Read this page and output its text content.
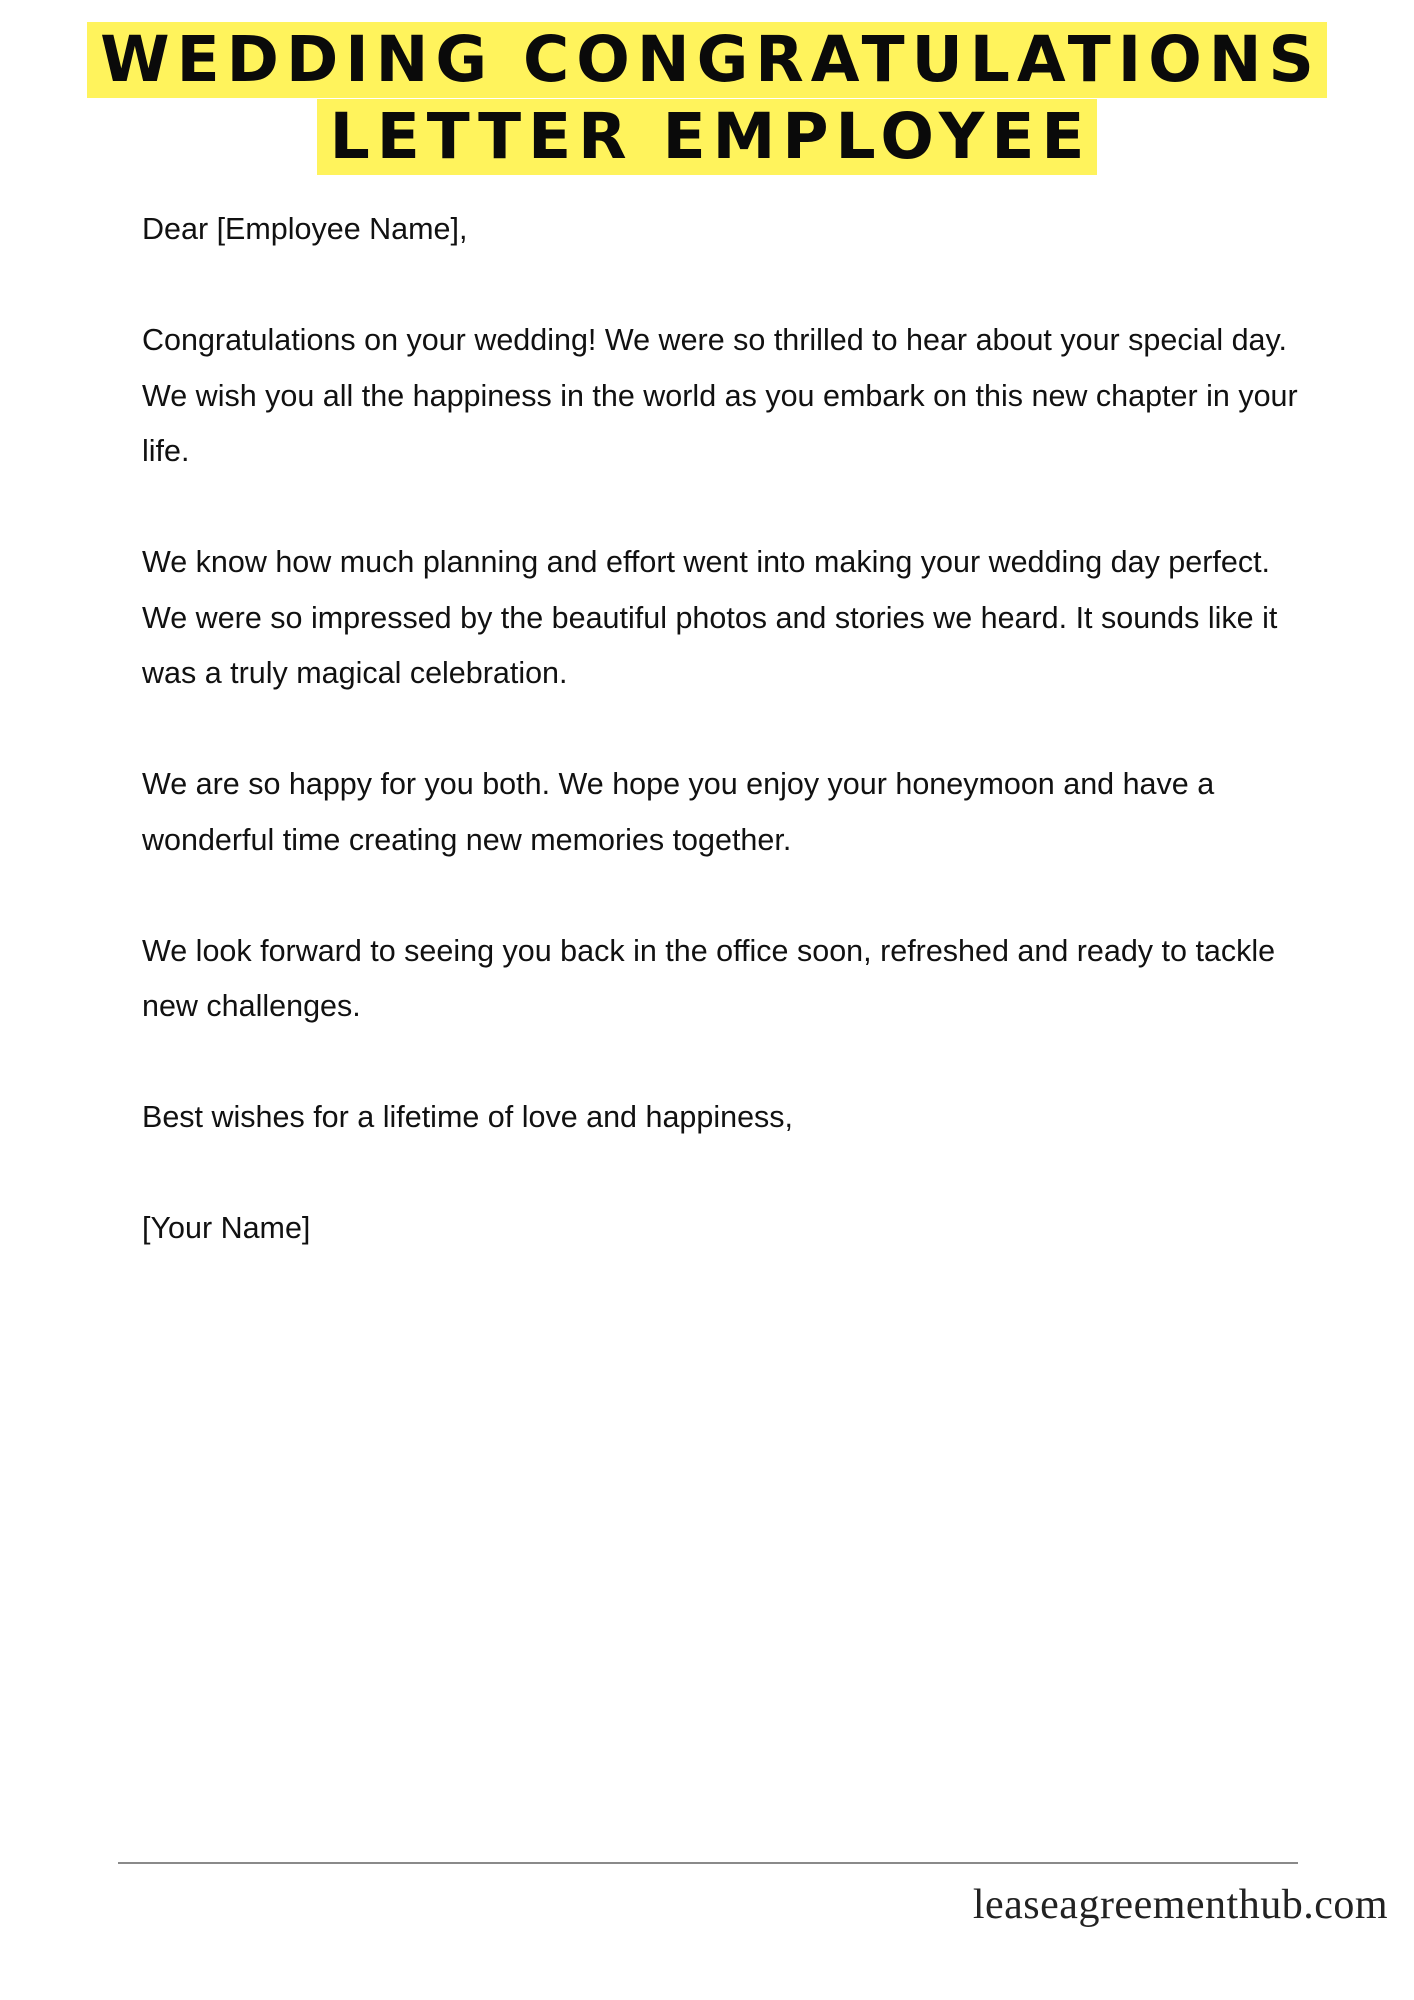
WEDDING CONGRATULATIONS
LETTER EMPLOYEE

Dear [Employee Name],

Congratulations on your wedding! We were so thrilled to hear about your special day. We wish you all the happiness in the world as you embark on this new chapter in your life.

We know how much planning and effort went into making your wedding day perfect. We were so impressed by the beautiful photos and stories we heard. It sounds like it was a truly magical celebration.

We are so happy for you both. We hope you enjoy your honeymoon and have a wonderful time creating new memories together.

We look forward to seeing you back in the office soon, refreshed and ready to tackle new challenges.

Best wishes for a lifetime of love and happiness,

[Your Name]

leaseagreementhub.com
